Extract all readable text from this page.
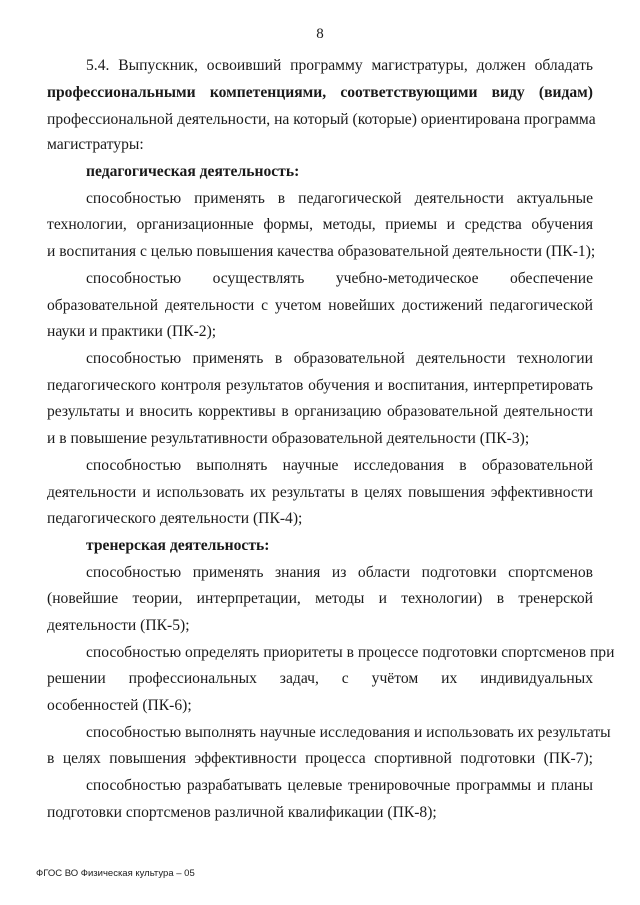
8
5.4. Выпускник, освоивший программу магистратуры, должен обладать
профессиональными компетенциями, соответствующими виду (видам)
профессиональной деятельности, на который (которые) ориентирована программа
магистратуры:
педагогическая деятельность:
способностью применять в педагогической деятельности актуальные
технологии, организационные формы, методы, приемы и средства обучения
и воспитания с целью повышения качества образовательной деятельности (ПК-1);
способностью осуществлять учебно-методическое обеспечение
образовательной деятельности с учетом новейших достижений педагогической
науки и практики (ПК-2);
способностью применять в образовательной деятельности технологии
педагогического контроля результатов обучения и воспитания, интерпретировать
результаты и вносить коррективы в организацию образовательной деятельности
и в повышение результативности образовательной деятельности (ПК-3);
способностью выполнять научные исследования в образовательной
деятельности и использовать их результаты в целях повышения эффективности
педагогического деятельности (ПК-4);
тренерская деятельность:
способностью применять знания из области подготовки спортсменов
(новейшие теории, интерпретации, методы и технологии) в тренерской
деятельности (ПК-5);
способностью определять приоритеты в процессе подготовки спортсменов при
решении профессиональных задач, с учётом их индивидуальных
особенностей (ПК-6);
способностью выполнять научные исследования и использовать их результаты
в целях повышения эффективности процесса спортивной подготовки (ПК-7);
способностью разрабатывать целевые тренировочные программы и планы
подготовки спортсменов различной квалификации (ПК-8);
ФГОС ВО Физическая культура – 05
